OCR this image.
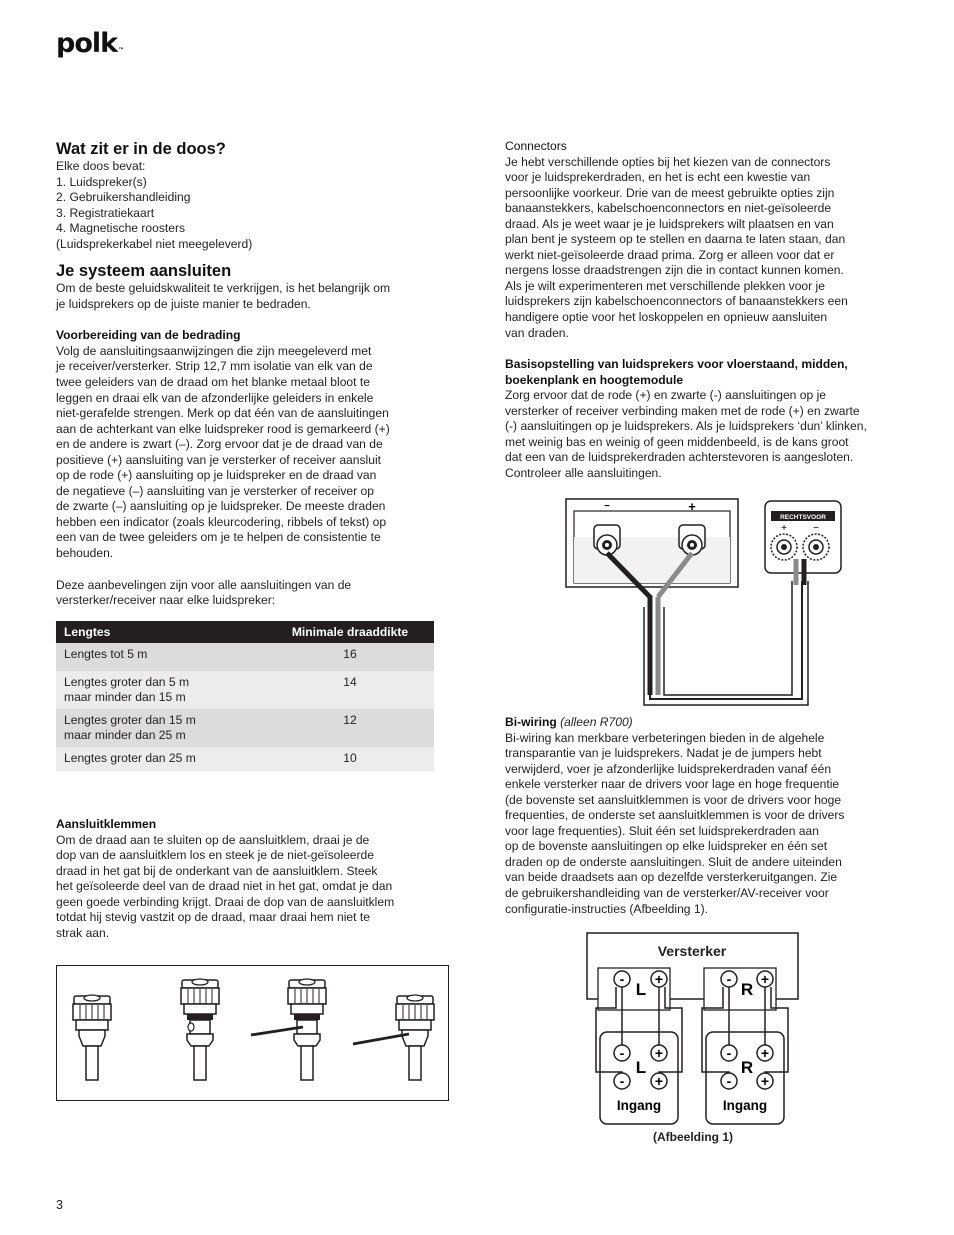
polk™
Wat zit er in de doos?
Elke doos bevat:
1. Luidspreker(s)
2. Gebruikershandleiding
3. Registratiekaart
4. Magnetische roosters
(Luidsprekerkabel niet meegeleverd)
Je systeem aansluiten
Om de beste geluidskwaliteit te verkrijgen, is het belangrijk om
je luidsprekers op de juiste manier te bedraden.
Voorbereiding van de bedrading
Volg de aansluitingsaanwijzingen die zijn meegeleverd met
je receiver/versterker. Strip 12,7 mm isolatie van elk van de
twee geleiders van de draad om het blanke metaal bloot te
leggen en draai elk van de afzonderlijke geleiders in enkele
niet-gerafelde strengen. Merk op dat één van de aansluitingen
aan de achterkant van elke luidspreker rood is gemarkeerd (+)
en de andere is zwart (–). Zorg ervoor dat je de draad van de
positieve (+) aansluiting van je versterker of receiver aansluit
op de rode (+) aansluiting op je luidspreker en de draad van
de negatieve (–) aansluiting van je versterker of receiver op
de zwarte (–) aansluiting op je luidspreker. De meeste draden
hebben een indicator (zoals kleurcodering, ribbels of tekst) op
een van de twee geleiders om je te helpen de consistentie te
behouden.
Deze aanbevelingen zijn voor alle aansluitingen van de
versterker/receiver naar elke luidspreker:
Lengtes	Minimale draaddikte
Lengtes tot 5 m	16
Lengtes groter dan 5 m
maar minder dan 15 m	14
Lengtes groter dan 15 m
maar minder dan 25 m	12
Lengtes groter dan 25 m	10
Aansluitklemmen
Om de draad aan te sluiten op de aansluitklem, draai je de
dop van de aansluitklem los en steek je de niet-geïsoleerde
draad in het gat bij de onderkant van de aansluitklem. Steek
het geïsoleerde deel van de draad niet in het gat, omdat je dan
geen goede verbinding krijgt. Draai de dop van de aansluitklem
totdat hij stevig vastzit op de draad, maar draai hem niet te
strak aan.
Connectors
Je hebt verschillende opties bij het kiezen van de connectors
voor je luidsprekerdraden, en het is echt een kwestie van
persoonlijke voorkeur. Drie van de meest gebruikte opties zijn
banaanstekkers, kabelschoenconnectors en niet-geïsoleerde
draad. Als je weet waar je je luidsprekers wilt plaatsen en van
plan bent je systeem op te stellen en daarna te laten staan, dan
werkt niet-geïsoleerde draad prima. Zorg er alleen voor dat er
nergens losse draadstrengen zijn die in contact kunnen komen.
Als je wilt experimenteren met verschillende plekken voor je
luidsprekers zijn kabelschoenconnectors of banaanstekkers een
handigere optie voor het loskoppelen en opnieuw aansluiten
van draden.
Basisopstelling van luidsprekers voor vloerstaand, midden,
boekenplank en hoogtemodule
Zorg ervoor dat de rode (+) en zwarte (-) aansluitingen op je
versterker of receiver verbinding maken met de rode (+) en zwarte
(-) aansluitingen op je luidsprekers. Als je luidsprekers ‘dun’ klinken,
met weinig bas en weinig of geen middenbeeld, is de kans groot
dat een van de luidsprekerdraden achterstevoren is aangesloten.
Controleer alle aansluitingen.
−	+
RECHTSVOOR
+	−
Bi-wiring (alleen R700)
Bi-wiring kan merkbare verbeteringen bieden in de algehele
transparantie van je luidsprekers. Nadat je de jumpers hebt
verwijderd, voer je afzonderlijke luidsprekerdraden vanaf één
enkele versterker naar de drivers voor lage en hoge frequentie
(de bovenste set aansluitklemmen is voor de drivers voor hoge
frequenties, de onderste set aansluitklemmen is voor de drivers
voor lage frequenties). Sluit één set luidsprekerdraden aan
op de bovenste aansluitingen op elke luidspreker en één set
draden op de onderste aansluitingen. Sluit de andere uiteinden
van beide draadsets aan op dezelfde versterkeruitgangen. Zie
de gebruikershandleiding van de versterker/AV-receiver voor
configuratie-instructies (Afbeelding 1).
Versterker
L	R
- +	- +
- +
- +
- +
- +
L	R
Ingang	Ingang
(Afbeelding 1)
3
